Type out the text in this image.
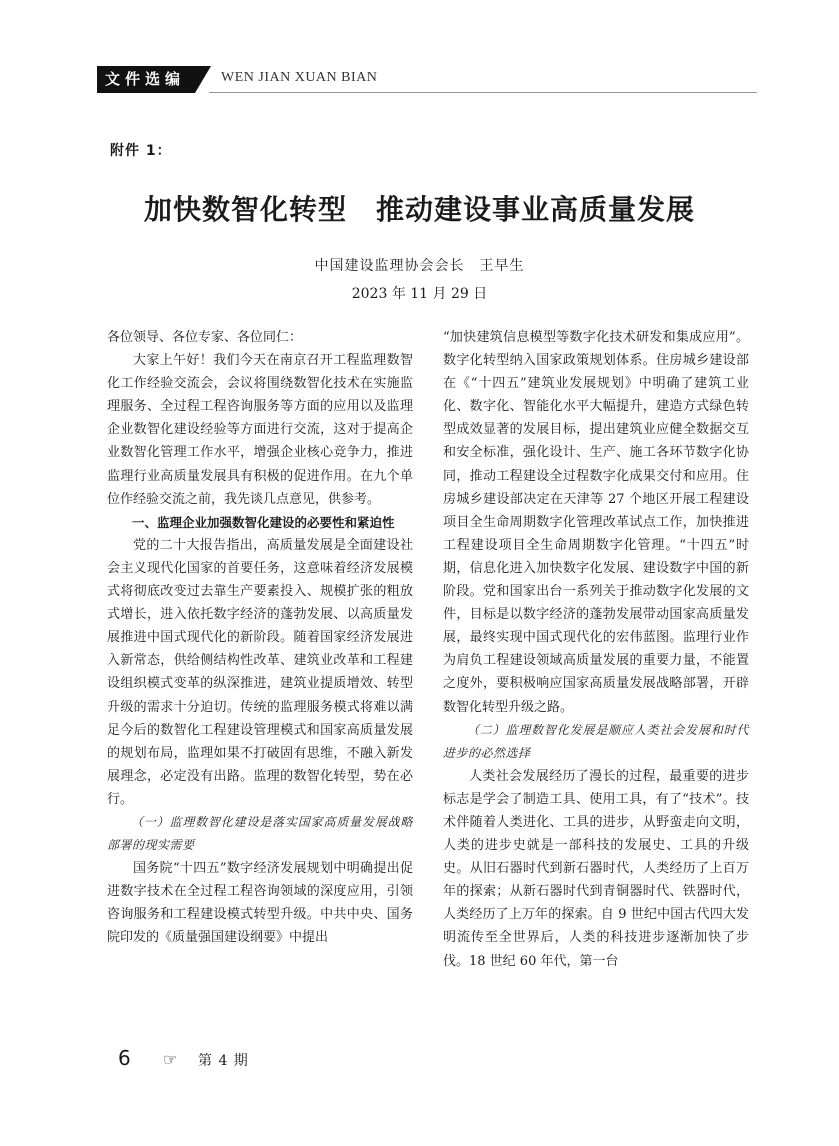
文件选编	WEN JIAN XUAN BIAN
附件 1：
加快数智化转型　推动建设事业高质量发展
中国建设监理协会会长　王早生
2023 年 11 月 29 日

各位领导、各位专家、各位同仁：

大家上午好！我们今天在南京召开工程监理数智化工作经验交流会，会议将围绕数智化技术在实施监理服务、全过程工程咨询服务等方面的应用以及监理企业数智化建设经验等方面进行交流，这对于提高企业数智化管理工作水平，增强企业核心竞争力，推进监理行业高质量发展具有积极的促进作用。在九个单位作经验交流之前，我先谈几点意见，供参考。

一、监理企业加强数智化建设的必要性和紧迫性

党的二十大报告指出，高质量发展是全面建设社会主义现代化国家的首要任务，这意味着经济发展模式将彻底改变过去靠生产要素投入、规模扩张的粗放式增长，进入依托数字经济的蓬勃发展、以高质量发展推进中国式现代化的新阶段。随着国家经济发展进入新常态，供给侧结构性改革、建筑业改革和工程建设组织模式变革的纵深推进，建筑业提质增效、转型升级的需求十分迫切。传统的监理服务模式将难以满足今后的数智化工程建设管理模式和国家高质量发展的规划布局，监理如果不打破固有思维，不融入新发展理念，必定没有出路。监理的数智化转型，势在必行。

（一）监理数智化建设是落实国家高质量发展战略部署的现实需要

国务院“十四五”数字经济发展规划中明确提出促进数字技术在全过程工程咨询领域的深度应用，引领咨询服务和工程建设模式转型升级。中共中央、国务院印发的《质量强国建设纲要》中提出

“加快建筑信息模型等数字化技术研发和集成应用”。数字化转型纳入国家政策规划体系。住房城乡建设部在《“十四五”建筑业发展规划》中明确了建筑工业化、数字化、智能化水平大幅提升，建造方式绿色转型成效显著的发展目标，提出建筑业应健全数据交互和安全标准，强化设计、生产、施工各环节数字化协同，推动工程建设全过程数字化成果交付和应用。住房城乡建设部决定在天津等 27 个地区开展工程建设项目全生命周期数字化管理改革试点工作，加快推进工程建设项目全生命周期数字化管理。“十四五”时期，信息化进入加快数字化发展、建设数字中国的新阶段。党和国家出台一系列关于推动数字化发展的文件，目标是以数字经济的蓬勃发展带动国家高质量发展，最终实现中国式现代化的宏伟蓝图。监理行业作为肩负工程建设领域高质量发展的重要力量，不能置之度外，要积极响应国家高质量发展战略部署，开辟数智化转型升级之路。

（二）监理数智化发展是顺应人类社会发展和时代进步的必然选择

人类社会发展经历了漫长的过程，最重要的进步标志是学会了制造工具、使用工具，有了“技术”。技术伴随着人类进化、工具的进步，从野蛮走向文明，人类的进步史就是一部科技的发展史、工具的升级史。从旧石器时代到新石器时代，人类经历了上百万年的探索；从新石器时代到青铜器时代、铁器时代，人类经历了上万年的探索。自 9 世纪中国古代四大发明流传至全世界后，人类的科技进步逐渐加快了步伐。18 世纪 60 年代，第一台

6 ☞ 第 4 期
